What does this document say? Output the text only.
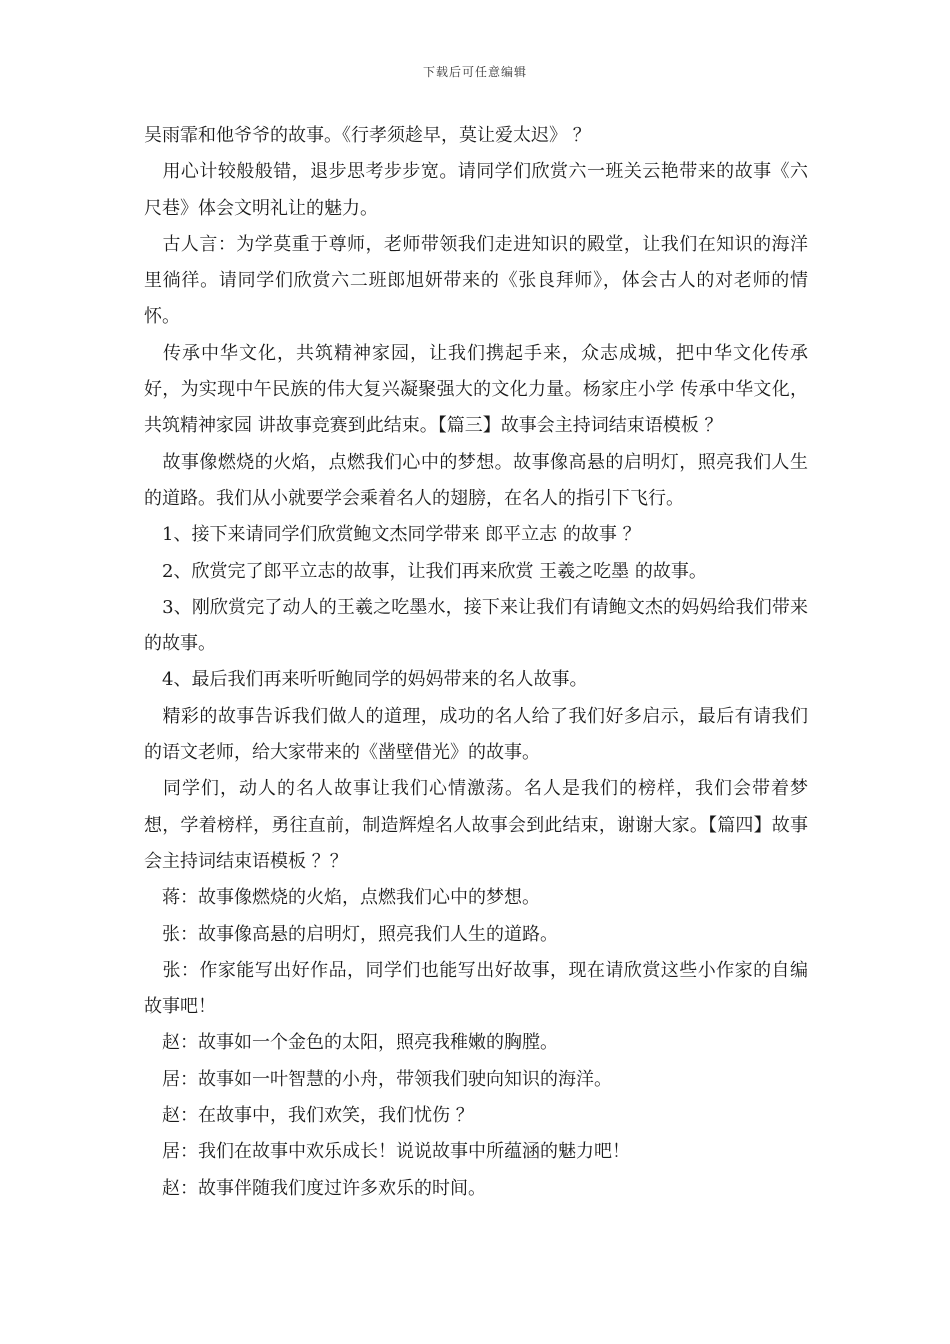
下载后可任意编辑

吴雨霏和他爷爷的故事。《行孝须趁早，莫让爱太迟》 ？

　用心计较般般错，退步思考步步宽。请同学们欣赏六一班关云艳带来的故事《六尺巷》体会文明礼让的魅力。

　古人言：为学莫重于尊师，老师带领我们走进知识的殿堂，让我们在知识的海洋里徜徉。请同学们欣赏六二班郎旭妍带来的《张良拜师》，体会古人的对老师的情怀。

　传承中华文化，共筑精神家园，让我们携起手来，众志成城，把中华文化传承好，为实现中午民族的伟大复兴凝聚强大的文化力量。杨家庄小学 传承中华文化，共筑精神家园 讲故事竞赛到此结束。【篇三】故事会主持词结束语模板 ？

　故事像燃烧的火焰，点燃我们心中的梦想。故事像高悬的启明灯，照亮我们人生的道路。我们从小就要学会乘着名人的翅膀，在名人的指引下飞行。

　1、接下来请同学们欣赏鲍文杰同学带来 郎平立志 的故事 ？

　2、欣赏完了郎平立志的故事，让我们再来欣赏 王羲之吃墨 的故事。

　3、刚欣赏完了动人的王羲之吃墨水，接下来让我们有请鲍文杰的妈妈给我们带来的故事。

　4、最后我们再来听听鲍同学的妈妈带来的名人故事。

　精彩的故事告诉我们做人的道理，成功的名人给了我们好多启示，最后有请我们的语文老师，给大家带来的《凿壁借光》的故事。

　同学们，动人的名人故事让我们心情激荡。名人是我们的榜样，我们会带着梦想，学着榜样，勇往直前，制造辉煌名人故事会到此结束，谢谢大家。【篇四】故事会主持词结束语模板 ？？

　蒋：故事像燃烧的火焰，点燃我们心中的梦想。

　张：故事像高悬的启明灯，照亮我们人生的道路。

　张：作家能写出好作品，同学们也能写出好故事，现在请欣赏这些小作家的自编故事吧！

　赵：故事如一个金色的太阳，照亮我稚嫩的胸膛。

　居：故事如一叶智慧的小舟，带领我们驶向知识的海洋。

　赵：在故事中，我们欢笑，我们忧伤 ？

　居：我们在故事中欢乐成长！说说故事中所蕴涵的魅力吧！

　赵：故事伴随我们度过许多欢乐的时间。
